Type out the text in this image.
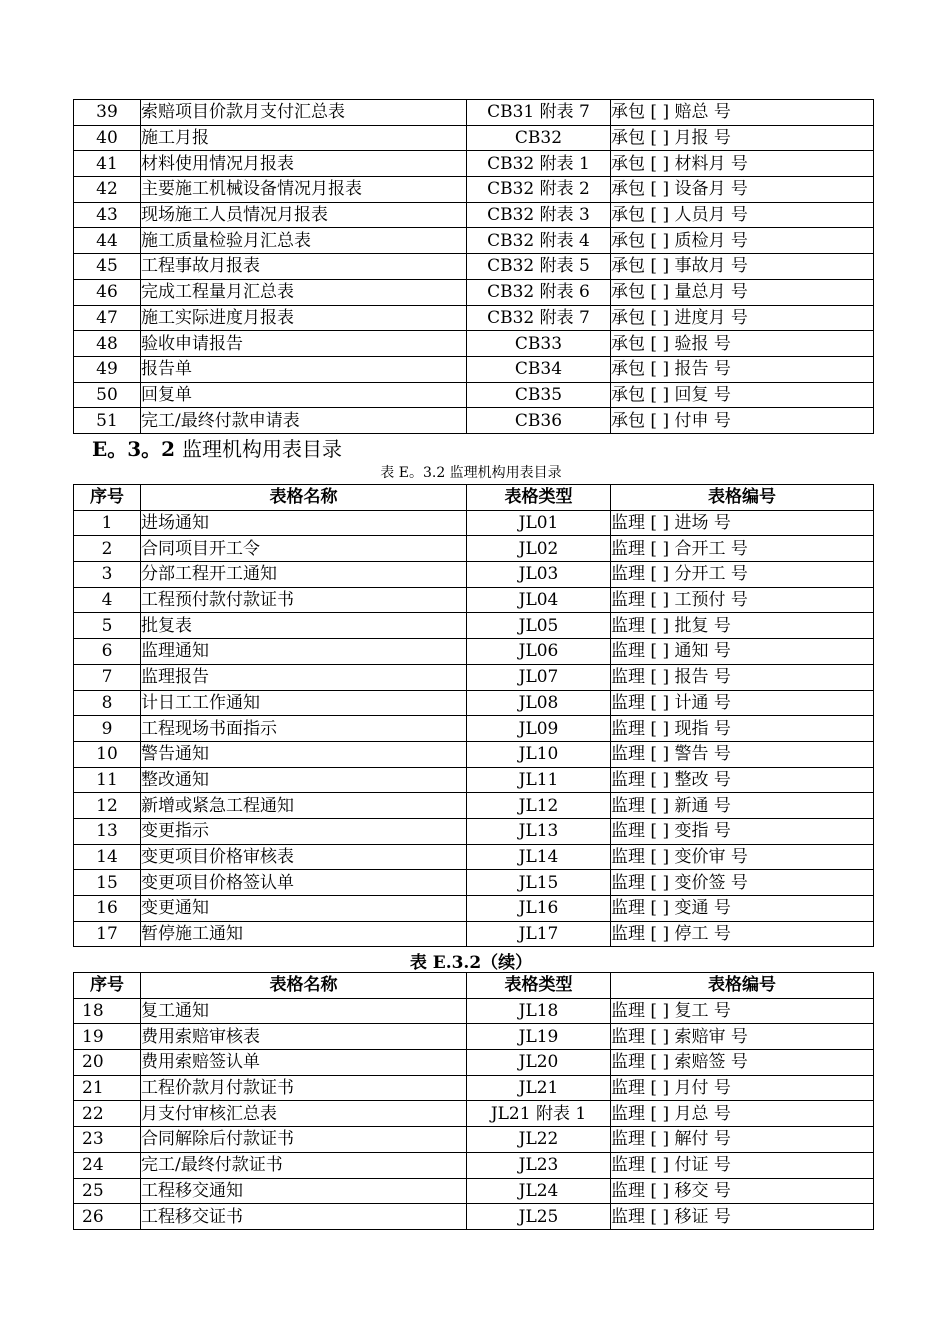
39	索赔项目价款月支付汇总表	CB31 附表 7	承包 [ ] 赔总 号
40	施工月报	CB32	承包 [ ] 月报 号
41	材料使用情况月报表	CB32 附表 1	承包 [ ] 材料月 号
42	主要施工机械设备情况月报表	CB32 附表 2	承包 [ ] 设备月 号
43	现场施工人员情况月报表	CB32 附表 3	承包 [ ] 人员月 号
44	施工质量检验月汇总表	CB32 附表 4	承包 [ ] 质检月 号
45	工程事故月报表	CB32 附表 5	承包 [ ] 事故月 号
46	完成工程量月汇总表	CB32 附表 6	承包 [ ] 量总月 号
47	施工实际进度月报表	CB32 附表 7	承包 [ ] 进度月 号
48	验收申请报告	CB33	承包 [ ] 验报 号
49	报告单	CB34	承包 [ ] 报告 号
50	回复单	CB35	承包 [ ] 回复 号
51	完工/最终付款申请表	CB36	承包 [ ] 付申 号
E。3。2 监理机构用表目录
表 E。3.2 监理机构用表目录
序号	表格名称	表格类型	表格编号
1	进场通知	JL01	监理 [ ] 进场 号
2	合同项目开工令	JL02	监理 [ ] 合开工 号
3	分部工程开工通知	JL03	监理 [ ] 分开工 号
4	工程预付款付款证书	JL04	监理 [ ] 工预付 号
5	批复表	JL05	监理 [ ] 批复 号
6	监理通知	JL06	监理 [ ] 通知 号
7	监理报告	JL07	监理 [ ] 报告 号
8	计日工工作通知	JL08	监理 [ ] 计通 号
9	工程现场书面指示	JL09	监理 [ ] 现指 号
10	警告通知	JL10	监理 [ ] 警告 号
11	整改通知	JL11	监理 [ ] 整改 号
12	新增或紧急工程通知	JL12	监理 [ ] 新通 号
13	变更指示	JL13	监理 [ ] 变指 号
14	变更项目价格审核表	JL14	监理 [ ] 变价审 号
15	变更项目价格签认单	JL15	监理 [ ] 变价签 号
16	变更通知	JL16	监理 [ ] 变通 号
17	暂停施工通知	JL17	监理 [ ] 停工 号
表 E.3.2（续）
序号	表格名称	表格类型	表格编号
18	复工通知	JL18	监理 [ ] 复工 号
19	费用索赔审核表	JL19	监理 [ ] 索赔审 号
20	费用索赔签认单	JL20	监理 [ ] 索赔签 号
21	工程价款月付款证书	JL21	监理 [ ] 月付 号
22	月支付审核汇总表	JL21 附表 1	监理 [ ] 月总 号
23	合同解除后付款证书	JL22	监理 [ ] 解付 号
24	完工/最终付款证书	JL23	监理 [ ] 付证 号
25	工程移交通知	JL24	监理 [ ] 移交 号
26	工程移交证书	JL25	监理 [ ] 移证 号
